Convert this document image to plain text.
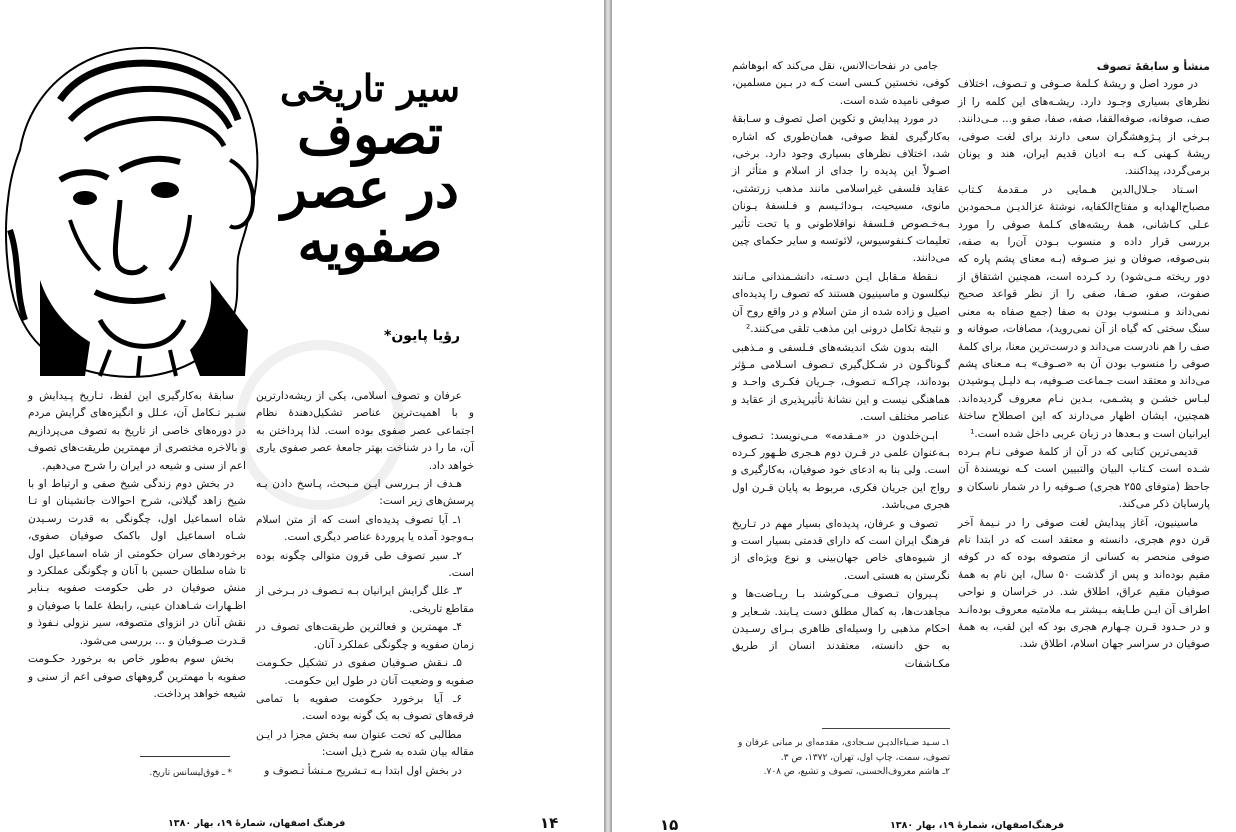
سیر تاریخی
تصوف
در عصر
صفویه
رؤیا پایون*

عرفان و تصوف اسلامی، یکی از ریشه‌دارترین و با اهمیت‌ترین عناصر تشکیل‌دهندهٔ نظام اجتماعی عصر صفوی بوده است. لذا پرداختن به آن، ما را در شناخت بهتر جامعهٔ عصر صفوی یاری خواهد داد.

هـدف از بـررسی ایـن مـبحث، پـاسخ دادن بـه پرسش‌های زیر است:

۱ـ آیا تصوف پدیده‌ای است که از متن اسلام بـه‌وجود آمده یا پروردهٔ عناصر دیگری است.

۲ـ سیر تصوف طی قرون متوالی چگونه بوده است.

۳ـ علل گرایش ایرانیان بـه تـصوف در بـرخی از مقاطع تاریخی.

۴ـ مهمترین و فعالترین طریقت‌های تصوف در زمان صفویه و چگونگی عملکرد آنان.

۵ـ نـقش صـوفیان صفوی در تشکیل حکـومت صفویه و وضعیت آنان در طول این حکومت.

۶ـ آیا برخورد حکومت صفویه با تمامی فرقه‌های تصوف به یک گونه بوده است.

مطالبی که تحت عنوان سه بخش مجزا در ایـن مقاله بیان شده به شرح ذیل است:

در بخش اول ابتدا بـه تـشریح مـنشأ تـصوف و

سابقهٔ به‌کارگیری این لفظ، تـاریخ پـیدایش و سـیر تـکامل آن، عـلل و انگیزه‌های گرایش مردم در دوره‌های خاصی از تاریخ به تصوف می‌پردازیم و بالاخره مختصری از مهمترین طریقت‌های تصوف اعم از سنی و شیعه در ایران را شرح می‌دهیم.

در بخش دوم زندگی شیخ صفی و ارتباط او با شیخ زاهد گیلانی، شرح احوالات جانشینان او تـا شاه اسماعیل اول، چگونگی به قدرت رسـیدن شـاه اسماعیل اول باکمک صوفیان صفوی، برخوردهای سران حکومتی از شاه اسماعیل اول تا شاه سلطان حسین با آنان و چگونگی عملکرد و منش صوفیان در طی حکومت صفویه بـنابر اظـهارات شـاهدان عینی، رابطهٔ علما با صوفیان و نقش آنان در انزوای متصوفه، سیر نزولی نـفوذ و قـدرت صـوفیان و ... بررسی می‌شود.

بخش سوم به‌طور خاص به برخورد حکـومت صفویه با مهمترین گروههای صوفی اعم از سنی و شیعه خواهد پرداخت.

* ـ فوق‌لیسانس تاریخ.
فرهنگ اصفهان، شمارهٔ ۱۹، بهار ۱۳۸۰	۱۴

منشأ و سابقهٔ تصوف

در مورد اصل و ریشهٔ کـلمهٔ صـوفی و تـصوف، اختلاف نظرهای بسیاری وجـود دارد. ریشـه‌های این کلمه را از صف، صوفانه، صوفه‌القفا، صفه، صفا، صفو و... مـی‌دانند. بـرخی از پـژوهشگران سعی دارند برای لغت صوفی، ریشهٔ کـهنی کـه بـه ادیان قدیم ایران، هند و یونان برمی‌گردد، پیداکنند.

اسـتاد جـلال‌الدین هـمایی در مـقدمهٔ کـتاب مصباح‌الهدایه و مفتاح‌الکفایه، نوشتهٔ عزالدیـن مـحمودبن عـلی کـاشانی، همهٔ ریشه‌های کـلمهٔ صوفی را مورد بررسی قرار داده و منسوب بـودن آن‌را به صفه، بنی‌صوفه، صوفان و نیز صـوفه (بـه معنای پشم پاره که دور ریخته مـی‌شود) رد کـرده است، همچنین اشتقاق از صفوت، صفو، صـفا، صفی را از نظر قواعد صحیح نمی‌داند و مـنسوب بودن به صفا (جمع صفاه به معنی سنگ سختی که گیاه از آن نمی‌روید)، مصافات، صوفانه و صف را هم نادرست می‌داند و درست‌ترین معنا، برای کلمهٔ صوفی را منسوب بودن آن به «صـوف» بـه مـعنای پشم می‌داند و معتقد است جـماعت صـوفیه، بـه دلیـل پـوشیدن لبـاس خشـن و پشـمی، بـدین نـام معروف گردیده‌اند. همچنین، ایشان اظهار می‌دارند که این اصطلاح ساختهٔ ایرانیان است و بـعدها در زبان عربی داخل شده است.¹

قدیمی‌ترین کتابی که در آن از کلمهٔ صوفی نـام بـرده شـده است کـتاب البیان والتبیین است کـه نویسندهٔ آن جاحظ (متوفای ۲۵۵ هجری) صـوفیه را در شمار ناسکان و پارسایان ذکر می‌کند.

ماسینیون، آغاز پیدایش لغت صوفی را در نـیمهٔ آخر قرن دوم هجری، دانسته و معتقد است که در ابتدا نام صوفی منحصر به کسانی از متصوفه بوده که در کوفه مقیم بوده‌اند و پس از گذشت ۵۰ سال، این نام به همهٔ صوفیان مقیم عراق، اطلاق شد. در خراسان و نواحی اطراف آن ایـن طـایفه بـیشتر بـه ملامتیه معروف بوده‌انـد و در حـدود قـرن چـهارم هجری بود که این لقب، به همهٔ صوفیان در سراسر جهان اسلام، اطلاق شد.

جامی در نفحات‌الانس، نقل می‌کند که ابوهاشم کوفی، نخستین کـسی است کـه در بـین مسلمین، صوفی نامیده شده است.

در مورد پیدایش و تکوین اصل تصوف و سـابقهٔ به‌کارگیری لفظ صوفی، همان‌طوری که اشاره شد، اختلاف نظرهای بسیاری وجود دارد. برخی، اصـولاً این پدیده را جدای از اسلام و متأثر از عقاید فلسفی غیراسلامی مانند مذهب زرتشتی، مانوی، مسیحیت، بـودائـیسم و فـلسفهٔ یـونان بـه‌خـصوص فـلسفهٔ نوافلاطونی و یا تحت تأثیر تعلیمات کـنفوسیوس، لائوتسه و سایر حکمای چین می‌دانند.

نـقطهٔ مـقابل ایـن دسـته، دانشـمندانی مـانند نیکلسون و ماسینیون هستند که تصوف را پدیده‌ای اصیل و زاده شده از متن اسلام و در واقع روح آن و نتیجهٔ تکامل درونی این مذهب تلقی می‌کنند.²

البته بدون شک اندیشه‌های فـلسفی و مـذهبی گـوناگـون در شـکل‌گیری تـصوف اسـلامی مـؤثر بوده‌اند، چراکـه تـصوف، جـریان فکـری واحـد و هماهنگی نیست و این نشانهٔ تأثیرپذیری از عقاید و عناصر مختلف است.

ابـن‌خلدون در «مـقدمه» مـی‌نویسد: تـصوف بـه‌عنوان علمی در قـرن دوم هـجری ظـهور کـرده است. ولی بنا به ادعای خود صوفیان، به‌کارگیری و رواج این جریان فکری، مربوط به پایان قـرن اول هجری می‌باشد.

تصوف و عرفان، پدیده‌ای بسیار مهم در تـاریخ فرهنگ ایران است که دارای قدمتی بسیار است و از شیوه‌های خاص جهان‌بینی و نوع ویژه‌ای از نگرستن به هستی است.

پـیروان تـصوف مـی‌کوشند بـا ریـاضت‌ها و مجاهدت‌ها، به کمال مطلق دست یـابند. شـعایر و احکام مذهبی را وسیله‌ای ظاهری بـرای رسـیدن به حق دانسته، معتقدند انسان از طریق مکـاشفات

۱ـ سـید ضـیاءالدیـن سـجادی، مقدمه‌ای بر مبانی عرفان و تصوف، سمت، چاپ اول، تهران، ۱۳۷۲، ص ۳.

۲ـ هاشم معروف‌الحسنی، تصوف و تشیع، ص ۷۰۸.

۱۵	فرهنگ‌اصفهان، شمارهٔ ۱۹، بهار ۱۳۸۰
